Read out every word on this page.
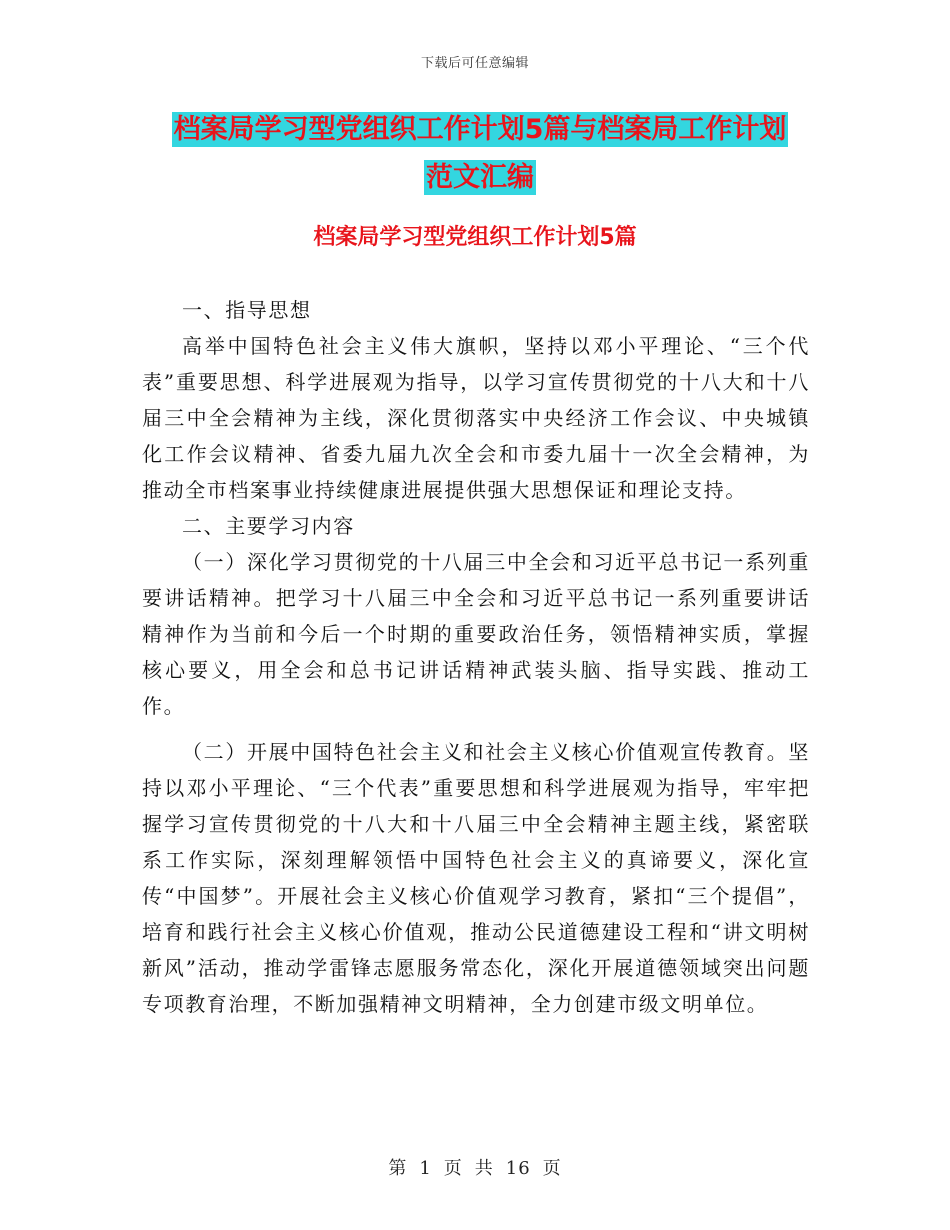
下载后可任意编辑
档案局学习型党组织工作计划5篇与档案局工作计划
范文汇编
档案局学习型党组织工作计划5篇

一、指导思想

高举中国特色社会主义伟大旗帜，坚持以邓小平理论、“三个代表”重要思想、科学进展观为指导，以学习宣传贯彻党的十八大和十八届三中全会精神为主线，深化贯彻落实中央经济工作会议、中央城镇化工作会议精神、省委九届九次全会和市委九届十一次全会精神，为推动全市档案事业持续健康进展提供强大思想保证和理论支持。

二、主要学习内容

（一）深化学习贯彻党的十八届三中全会和习近平总书记一系列重要讲话精神。把学习十八届三中全会和习近平总书记一系列重要讲话精神作为当前和今后一个时期的重要政治任务，领悟精神实质，掌握核心要义，用全会和总书记讲话精神武装头脑、指导实践、推动工作。

（二）开展中国特色社会主义和社会主义核心价值观宣传教育。坚持以邓小平理论、“三个代表”重要思想和科学进展观为指导，牢牢把握学习宣传贯彻党的十八大和十八届三中全会精神主题主线，紧密联系工作实际，深刻理解领悟中国特色社会主义的真谛要义，深化宣传“中国梦”。开展社会主义核心价值观学习教育，紧扣“三个提倡”，培育和践行社会主义核心价值观，推动公民道德建设工程和“讲文明树新风”活动，推动学雷锋志愿服务常态化，深化开展道德领域突出问题专项教育治理，不断加强精神文明精神，全力创建市级文明单位。

第 1 页 共 16 页
